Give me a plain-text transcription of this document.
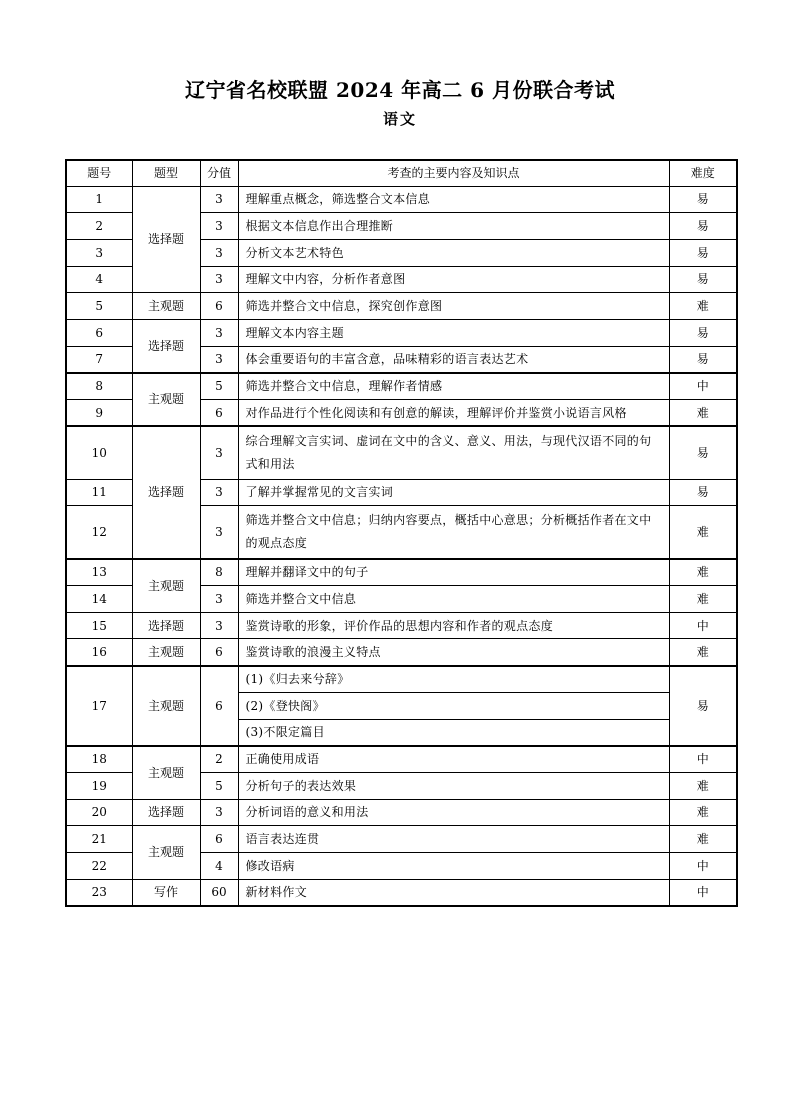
辽宁省名校联盟 2024 年高二 6 月份联合考试
语文
题号	题型	分值	考查的主要内容及知识点	难度
1	选择题	3	理解重点概念，筛选整合文本信息	易
2		3	根据文本信息作出合理推断	易
3		3	分析文本艺术特色	易
4		3	理解文中内容，分析作者意图	易
5	主观题	6	筛选并整合文中信息，探究创作意图	难
6	选择题	3	理解文本内容主题	易
7		3	体会重要语句的丰富含意，品味精彩的语言表达艺术	易
8	主观题	5	筛选并整合文中信息，理解作者情感	中
9		6	对作品进行个性化阅读和有创意的解读，理解评价并鉴赏小说语言风格	难
10	选择题	3	综合理解文言实词、虚词在文中的含义、意义、用法，与现代汉语不同的句式和用法	易
11		3	了解并掌握常见的文言实词	易
12		3	筛选并整合文中信息；归纳内容要点，概括中心意思；分析概括作者在文中的观点态度	难
13	主观题	8	理解并翻译文中的句子	难
14		3	筛选并整合文中信息	难
15	选择题	3	鉴赏诗歌的形象，评价作品的思想内容和作者的观点态度	中
16	主观题	6	鉴赏诗歌的浪漫主义特点	难
17	主观题	6	(1)《归去来兮辞》	易
			(2)《登快阁》	
			(3)不限定篇目	
18	主观题	2	正确使用成语	中
19		5	分析句子的表达效果	难
20	选择题	3	分析词语的意义和用法	难
21	主观题	6	语言表达连贯	难
22		4	修改语病	中
23	写作	60	新材料作文	中
